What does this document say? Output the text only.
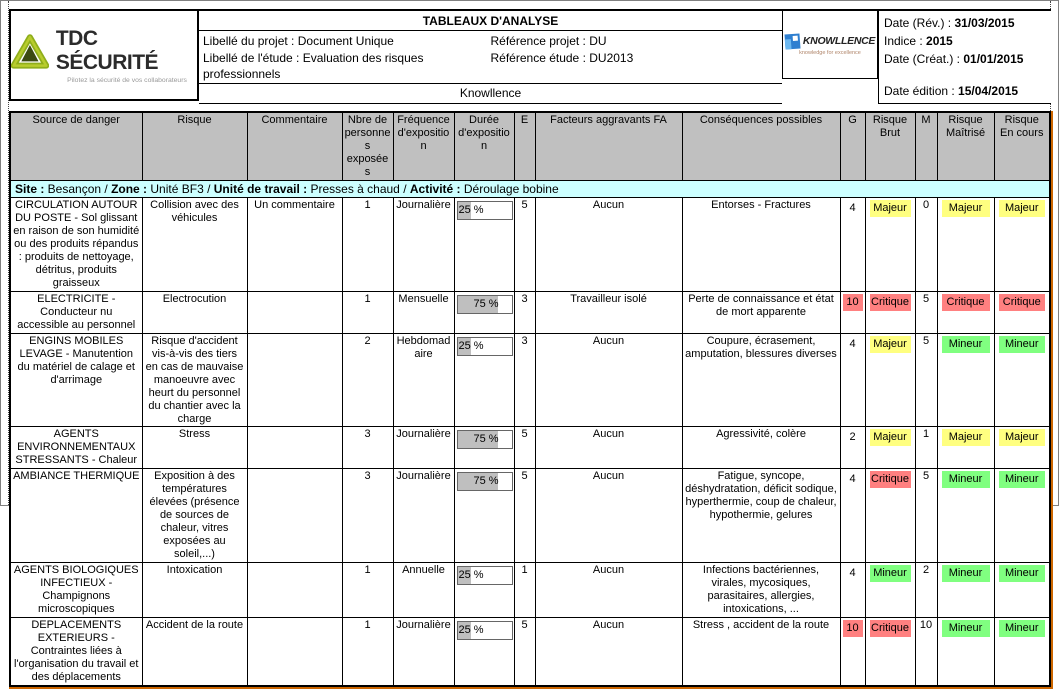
TDC SÉCURITÉ
Pilotez la sécurité de vos collaborateurs
TABLEAUX D'ANALYSE
Libellé du projet : Document Unique	Référence projet : DU
Libellé de l'étude : Evaluation des risques professionnels
Référence étude : DU2013
Knowllence
KNOWLLENCE
knowledge for excellence
Date (Rév.) : 31/03/2015
Indice : 2015
Date (Créat.) : 01/01/2015
Date édition : 15/04/2015
Source de danger	Risque	Commentaire	Nbre de personnes exposées	Fréquence d'exposition	Durée d'exposition	E	Facteurs aggravants FA	Conséquences possibles	G	Risque Brut	M	Risque Maîtrisé	Risque En cours
Site : Besançon / Zone : Unité BF3 / Unité de travail : Presses à chaud / Activité : Déroulage bobine													
CIRCULATION AUTOUR DU POSTE - Sol glissant en raison de son humidité ou des produits répandus : produits de nettoyage, détritus, produits graisseux	Collision avec des véhicules	Un commentaire	1	Journalière	25 %	5	Aucun	Entorses - Fractures	4	Majeur	0	Majeur	Majeur

ELECTRICITE - Conducteur nu accessible au personnel	Electrocution		1	Mensuelle	75 %	3	Travailleur isolé	Perte de connaissance et état de mort apparente	10	Critique	5	Critique	Critique

ENGINS MOBILES LEVAGE - Manutention du matériel de calage et d'arrimage	Risque d'accident vis-à-vis des tiers en cas de mauvaise manoeuvre avec heurt du personnel du chantier avec la charge		2	Hebdomadaire	25 %	3	Aucun	Coupure, écrasement, amputation, blessures diverses	4	Majeur	5	Mineur	Mineur

AGENTS ENVIRONNEMENTAUX STRESSANTS - Chaleur	Stress		3	Journalière	75 %	5	Aucun	Agressivité, colère	2	Majeur	1	Majeur	Majeur

AMBIANCE THERMIQUE	Exposition à des températures élevées (présence de sources de chaleur, vitres exposées au soleil,...)		3	Journalière	75 %	5	Aucun	Fatigue, syncope, déshydratation, déficit sodique, hyperthermie, coup de chaleur, hypothermie, gelures	4	Critique	5	Mineur	Mineur

AGENTS BIOLOGIQUES INFECTIEUX - Champignons microscopiques	Intoxication		1	Annuelle	25 %	1	Aucun	Infections bactériennes, virales, mycosiques, parasitaires, allergies, intoxications, ...	4	Mineur	2	Mineur	Mineur

DEPLACEMENTS EXTERIEURS - Contraintes liées à l'organisation du travail et des déplacements	Accident de la route		1	Journalière	25 %	5	Aucun	Stress , accident de la route	10	Critique	10	Mineur	Mineur
